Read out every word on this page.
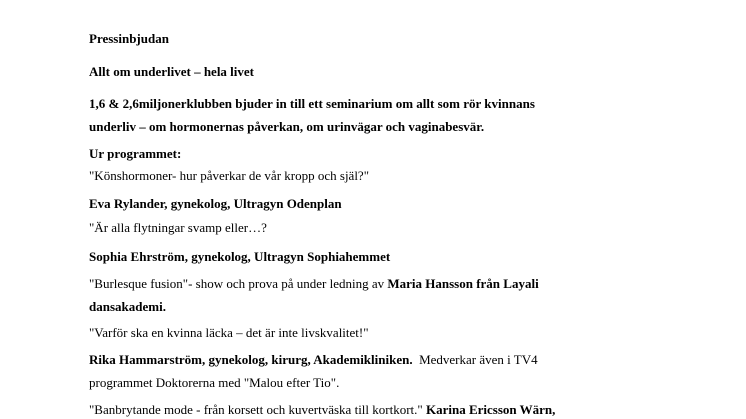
Pressinbjudan
Allt om underlivet – hela livet
1,6 & 2,6miljonerklubben bjuder in till ett seminarium om allt som rör kvinnans
underliv – om hormonernas påverkan, om urinvägar och vaginabesvär.
Ur programmet:
"Könshormoner- hur påverkar de vår kropp och själ?"
Eva Rylander, gynekolog, Ultragyn Odenplan
"Är alla flytningar svamp eller…?
Sophia Ehrström, gynekolog, Ultragyn Sophiahemmet
"Burlesque fusion"- show och prova på under ledning av Maria Hansson från Layali
dansakademi.
"Varför ska en kvinna läcka – det är inte livskvalitet!"
Rika Hammarström, gynekolog, kirurg, Akademikliniken.  Medverkar även i TV4
programmet Doktorerna med "Malou efter Tio".
"Banbrytande mode - från korsett och kuvertväska till kortkort." Karina Ericsson Wärn,
